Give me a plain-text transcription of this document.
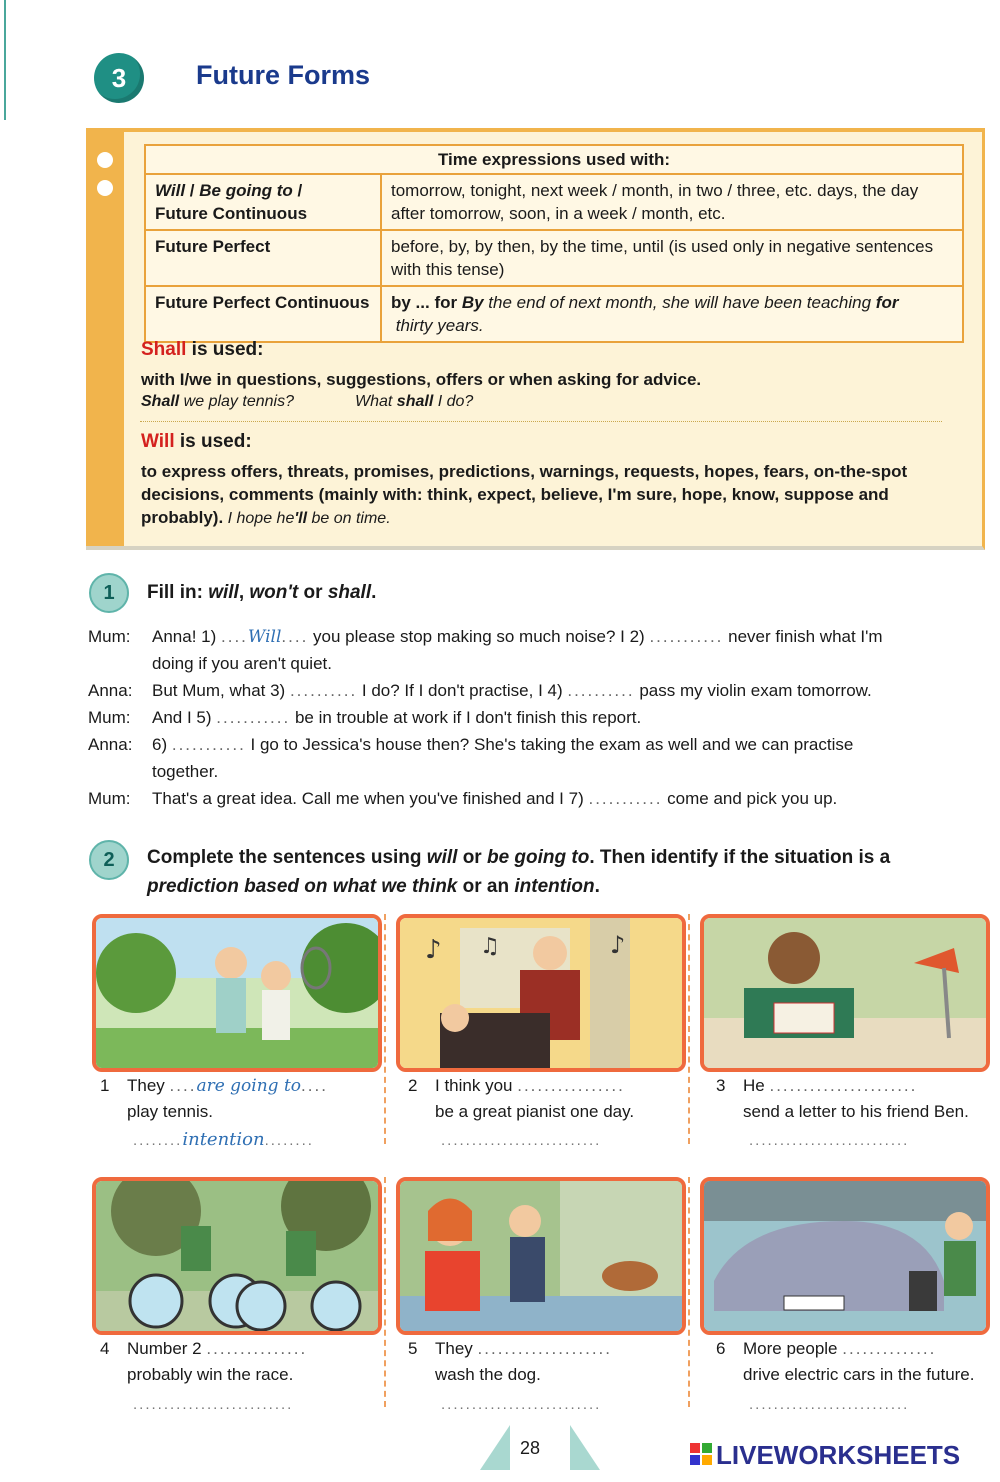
3	Future Forms
Time expressions used with:	
Will / Be going to /
Future Continuous	tomorrow, tonight, next week / month, in two / three, etc. days, the day after tomorrow, soon, in a week / month, etc.
Future Perfect	before, by, by then, by the time, until (is used only in negative sentences with this tense)
Future Perfect Continuous	by ... for By the end of next month, she will have been teaching for thirty years.
Shall is used:
with I/we in questions, suggestions, offers or when asking for advice.
Shall we play tennis?	What shall I do?
Will is used:
to express offers, threats, promises, predictions, warnings, requests, hopes, fears, on-the-spot decisions, comments (mainly with: think, expect, believe, I'm sure, hope, know, suppose and probably). I hope he'll be on time.
1	Fill in: will, won't or shall.
Mum: Anna! 1) ....Will.... you please stop making so much noise? I 2) ........... never finish what I'm
doing if you aren't quiet.
Anna: But Mum, what 3) .......... I do? If I don't practise, I 4) .......... pass my violin exam tomorrow.
Mum: And I 5) ........... be in trouble at work if I don't finish this report.
Anna: 6) ........... I go to Jessica's house then? She's taking the exam as well and we can practise
together.
Mum: That's a great idea. Call me when you've finished and I 7) ........... come and pick you up.
2	Complete the sentences using will or be going to. Then identify if the situation is a
prediction based on what we think or an intention.
♪ ♫	♪
1 They ....are going to....
play tennis.
........intention........
2 I think you ................
be a great pianist one day.
..........................
3 He ......................
send a letter to his friend Ben.
..........................
4 Number 2 ...............
probably win the race.
..........................
5 They ....................
wash the dog.
..........................
6 More people ..............
drive electric cars in the future.
..........................
28	LIVEWORKSHEETS
